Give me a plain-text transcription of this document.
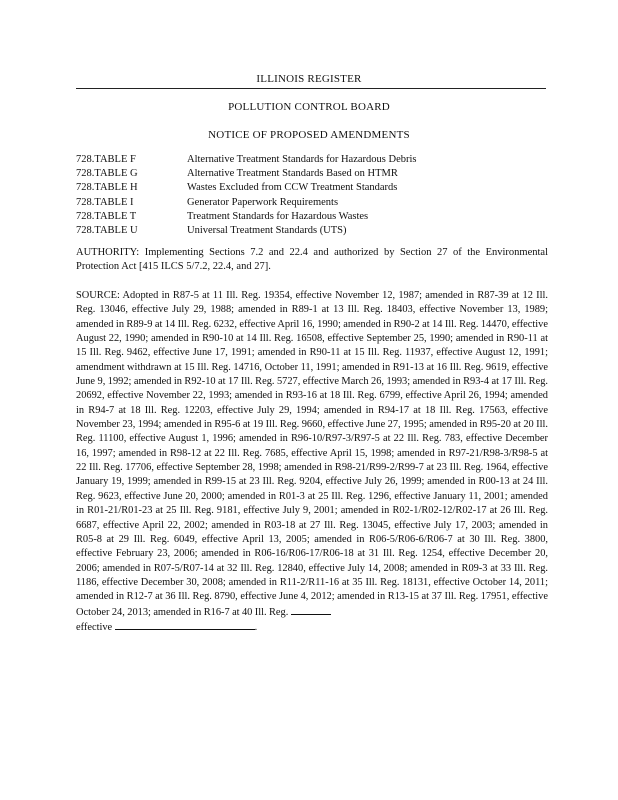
ILLINOIS REGISTER
POLLUTION CONTROL BOARD
NOTICE OF PROPOSED AMENDMENTS
728.TABLE F	Alternative Treatment Standards for Hazardous Debris
728.TABLE G	Alternative Treatment Standards Based on HTMR
728.TABLE H	Wastes Excluded from CCW Treatment Standards
728.TABLE I	Generator Paperwork Requirements
728.TABLE T	Treatment Standards for Hazardous Wastes
728.TABLE U	Universal Treatment Standards (UTS)
AUTHORITY: Implementing Sections 7.2 and 22.4 and authorized by Section 27 of the Environmental Protection Act [415 ILCS 5/7.2, 22.4, and 27].
SOURCE: Adopted in R87-5 at 11 Ill. Reg. 19354, effective November 12, 1987; amended in R87-39 at 12 Ill. Reg. 13046, effective July 29, 1988; amended in R89-1 at 13 Ill. Reg. 18403, effective November 13, 1989; amended in R89-9 at 14 Ill. Reg. 6232, effective April 16, 1990; amended in R90-2 at 14 Ill. Reg. 14470, effective August 22, 1990; amended in R90-10 at 14 Ill. Reg. 16508, effective September 25, 1990; amended in R90-11 at 15 Ill. Reg. 9462, effective June 17, 1991; amended in R90-11 at 15 Ill. Reg. 11937, effective August 12, 1991; amendment withdrawn at 15 Ill. Reg. 14716, October 11, 1991; amended in R91-13 at 16 Ill. Reg. 9619, effective June 9, 1992; amended in R92-10 at 17 Ill. Reg. 5727, effective March 26, 1993; amended in R93-4 at 17 Ill. Reg. 20692, effective November 22, 1993; amended in R93-16 at 18 Ill. Reg. 6799, effective April 26, 1994; amended in R94-7 at 18 Ill. Reg. 12203, effective July 29, 1994; amended in R94-17 at 18 Ill. Reg. 17563, effective November 23, 1994; amended in R95-6 at 19 Ill. Reg. 9660, effective June 27, 1995; amended in R95-20 at 20 Ill. Reg. 11100, effective August 1, 1996; amended in R96-10/R97-3/R97-5 at 22 Ill. Reg. 783, effective December 16, 1997; amended in R98-12 at 22 Ill. Reg. 7685, effective April 15, 1998; amended in R97-21/R98-3/R98-5 at 22 Ill. Reg. 17706, effective September 28, 1998; amended in R98-21/R99-2/R99-7 at 23 Ill. Reg. 1964, effective January 19, 1999; amended in R99-15 at 23 Ill. Reg. 9204, effective July 26, 1999; amended in R00-13 at 24 Ill. Reg. 9623, effective June 20, 2000; amended in R01-3 at 25 Ill. Reg. 1296, effective January 11, 2001; amended in R01-21/R01-23 at 25 Ill. Reg. 9181, effective July 9, 2001; amended in R02-1/R02-12/R02-17 at 26 Ill. Reg. 6687, effective April 22, 2002; amended in R03-18 at 27 Ill. Reg. 13045, effective July 17, 2003; amended in R05-8 at 29 Ill. Reg. 6049, effective April 13, 2005; amended in R06-5/R06-6/R06-7 at 30 Ill. Reg. 3800, effective February 23, 2006; amended in R06-16/R06-17/R06-18 at 31 Ill. Reg. 1254, effective December 20, 2006; amended in R07-5/R07-14 at 32 Ill. Reg. 12840, effective July 14, 2008; amended in R09-3 at 33 Ill. Reg. 1186, effective December 30, 2008; amended in R11-2/R11-16 at 35 Ill. Reg. 18131, effective October 14, 2011; amended in R12-7 at 36 Ill. Reg. 8790, effective June 4, 2012; amended in R13-15 at 37 Ill. Reg. 17951, effective October 24, 2013; amended in R16-7 at 40 Ill. Reg.
effective	.
